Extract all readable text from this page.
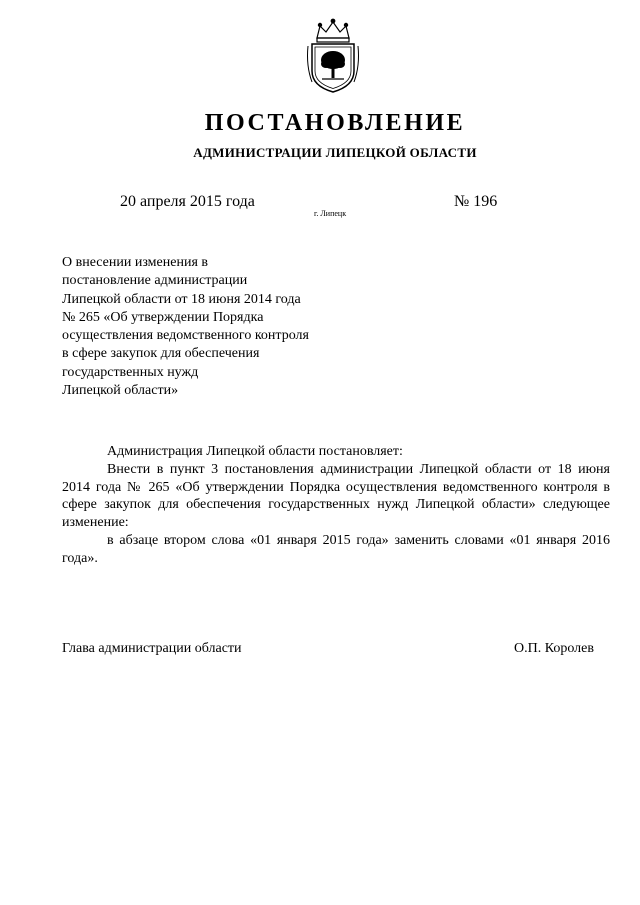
ПОСТАНОВЛЕНИЕ
АДМИНИСТРАЦИИ ЛИПЕЦКОЙ ОБЛАСТИ
20 апреля 2015 года
г. Липецк
№ 196
О внесении изменения в
постановление администрации
Липецкой области от 18 июня 2014 года
№ 265 «Об утверждении Порядка
осуществления ведомственного контроля
в сфере закупок для обеспечения
государственных нужд
Липецкой области»

Администрация Липецкой области постановляет:

Внести в пункт 3 постановления администрации Липецкой области от 18 июня 2014 года № 265 «Об утверждении Порядка осуществления ведомственного контроля в сфере закупок для обеспечения государственных нужд Липецкой области» следующее изменение:

в абзаце втором слова «01 января 2015 года» заменить словами «01 января 2016 года».

Глава администрации области	О.П. Королев
